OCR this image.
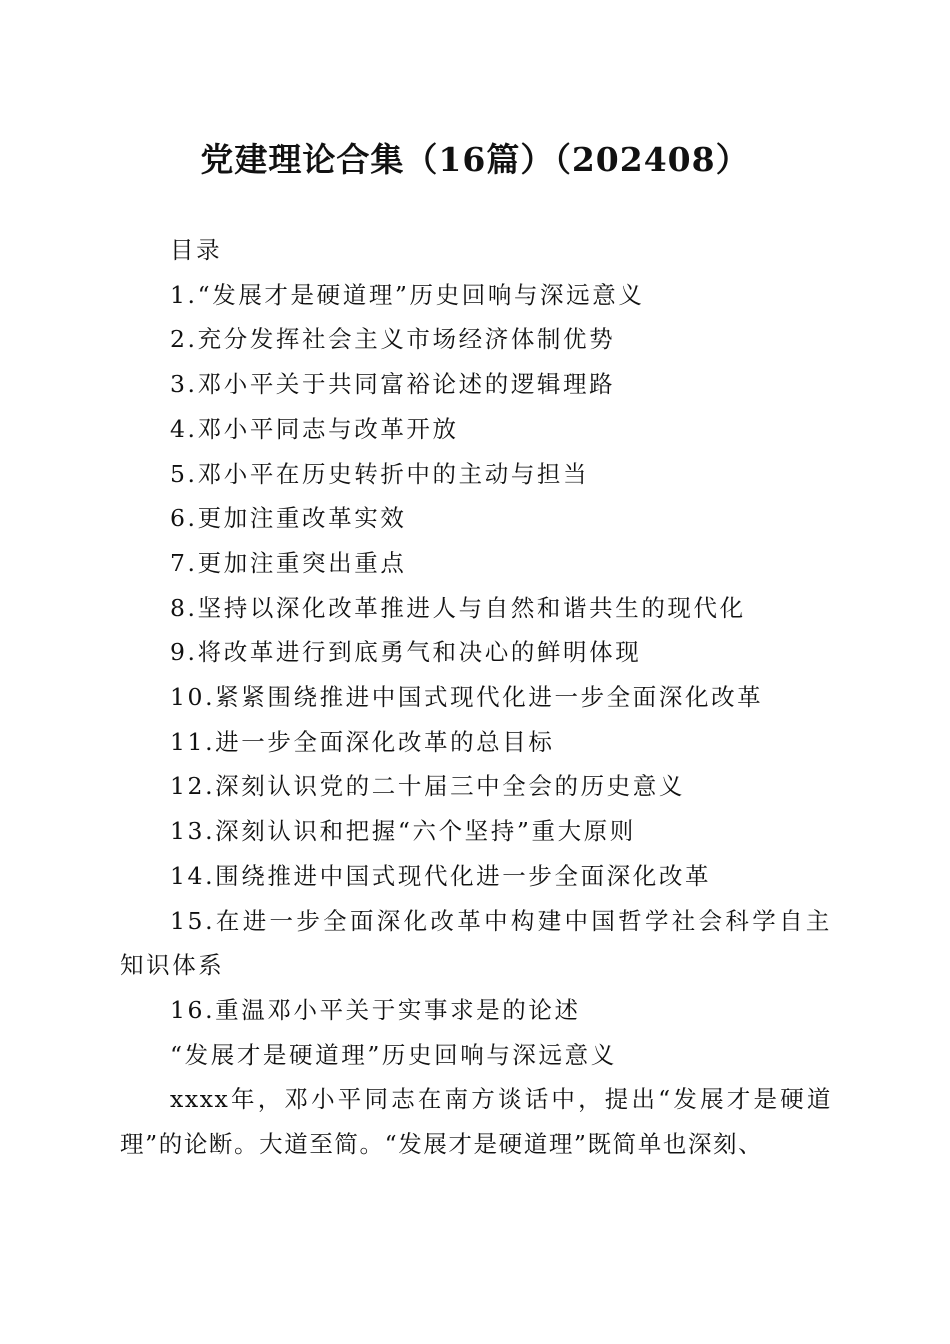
党建理论合集（16篇）（202408）

目录

1.“发展才是硬道理”历史回响与深远意义

2.充分发挥社会主义市场经济体制优势

3.邓小平关于共同富裕论述的逻辑理路

4.邓小平同志与改革开放

5.邓小平在历史转折中的主动与担当

6.更加注重改革实效

7.更加注重突出重点

8.坚持以深化改革推进人与自然和谐共生的现代化

9.将改革进行到底勇气和决心的鲜明体现

10.紧紧围绕推进中国式现代化进一步全面深化改革

11.进一步全面深化改革的总目标

12.深刻认识党的二十届三中全会的历史意义

13.深刻认识和把握“六个坚持”重大原则

14.围绕推进中国式现代化进一步全面深化改革

15.在进一步全面深化改革中构建中国哲学社会科学自主知识体系

16.重温邓小平关于实事求是的论述

“发展才是硬道理”历史回响与深远意义

xxxx年，邓小平同志在南方谈话中，提出“发展才是硬道理”的论断。大道至简。“发展才是硬道理”既简单也深刻、
